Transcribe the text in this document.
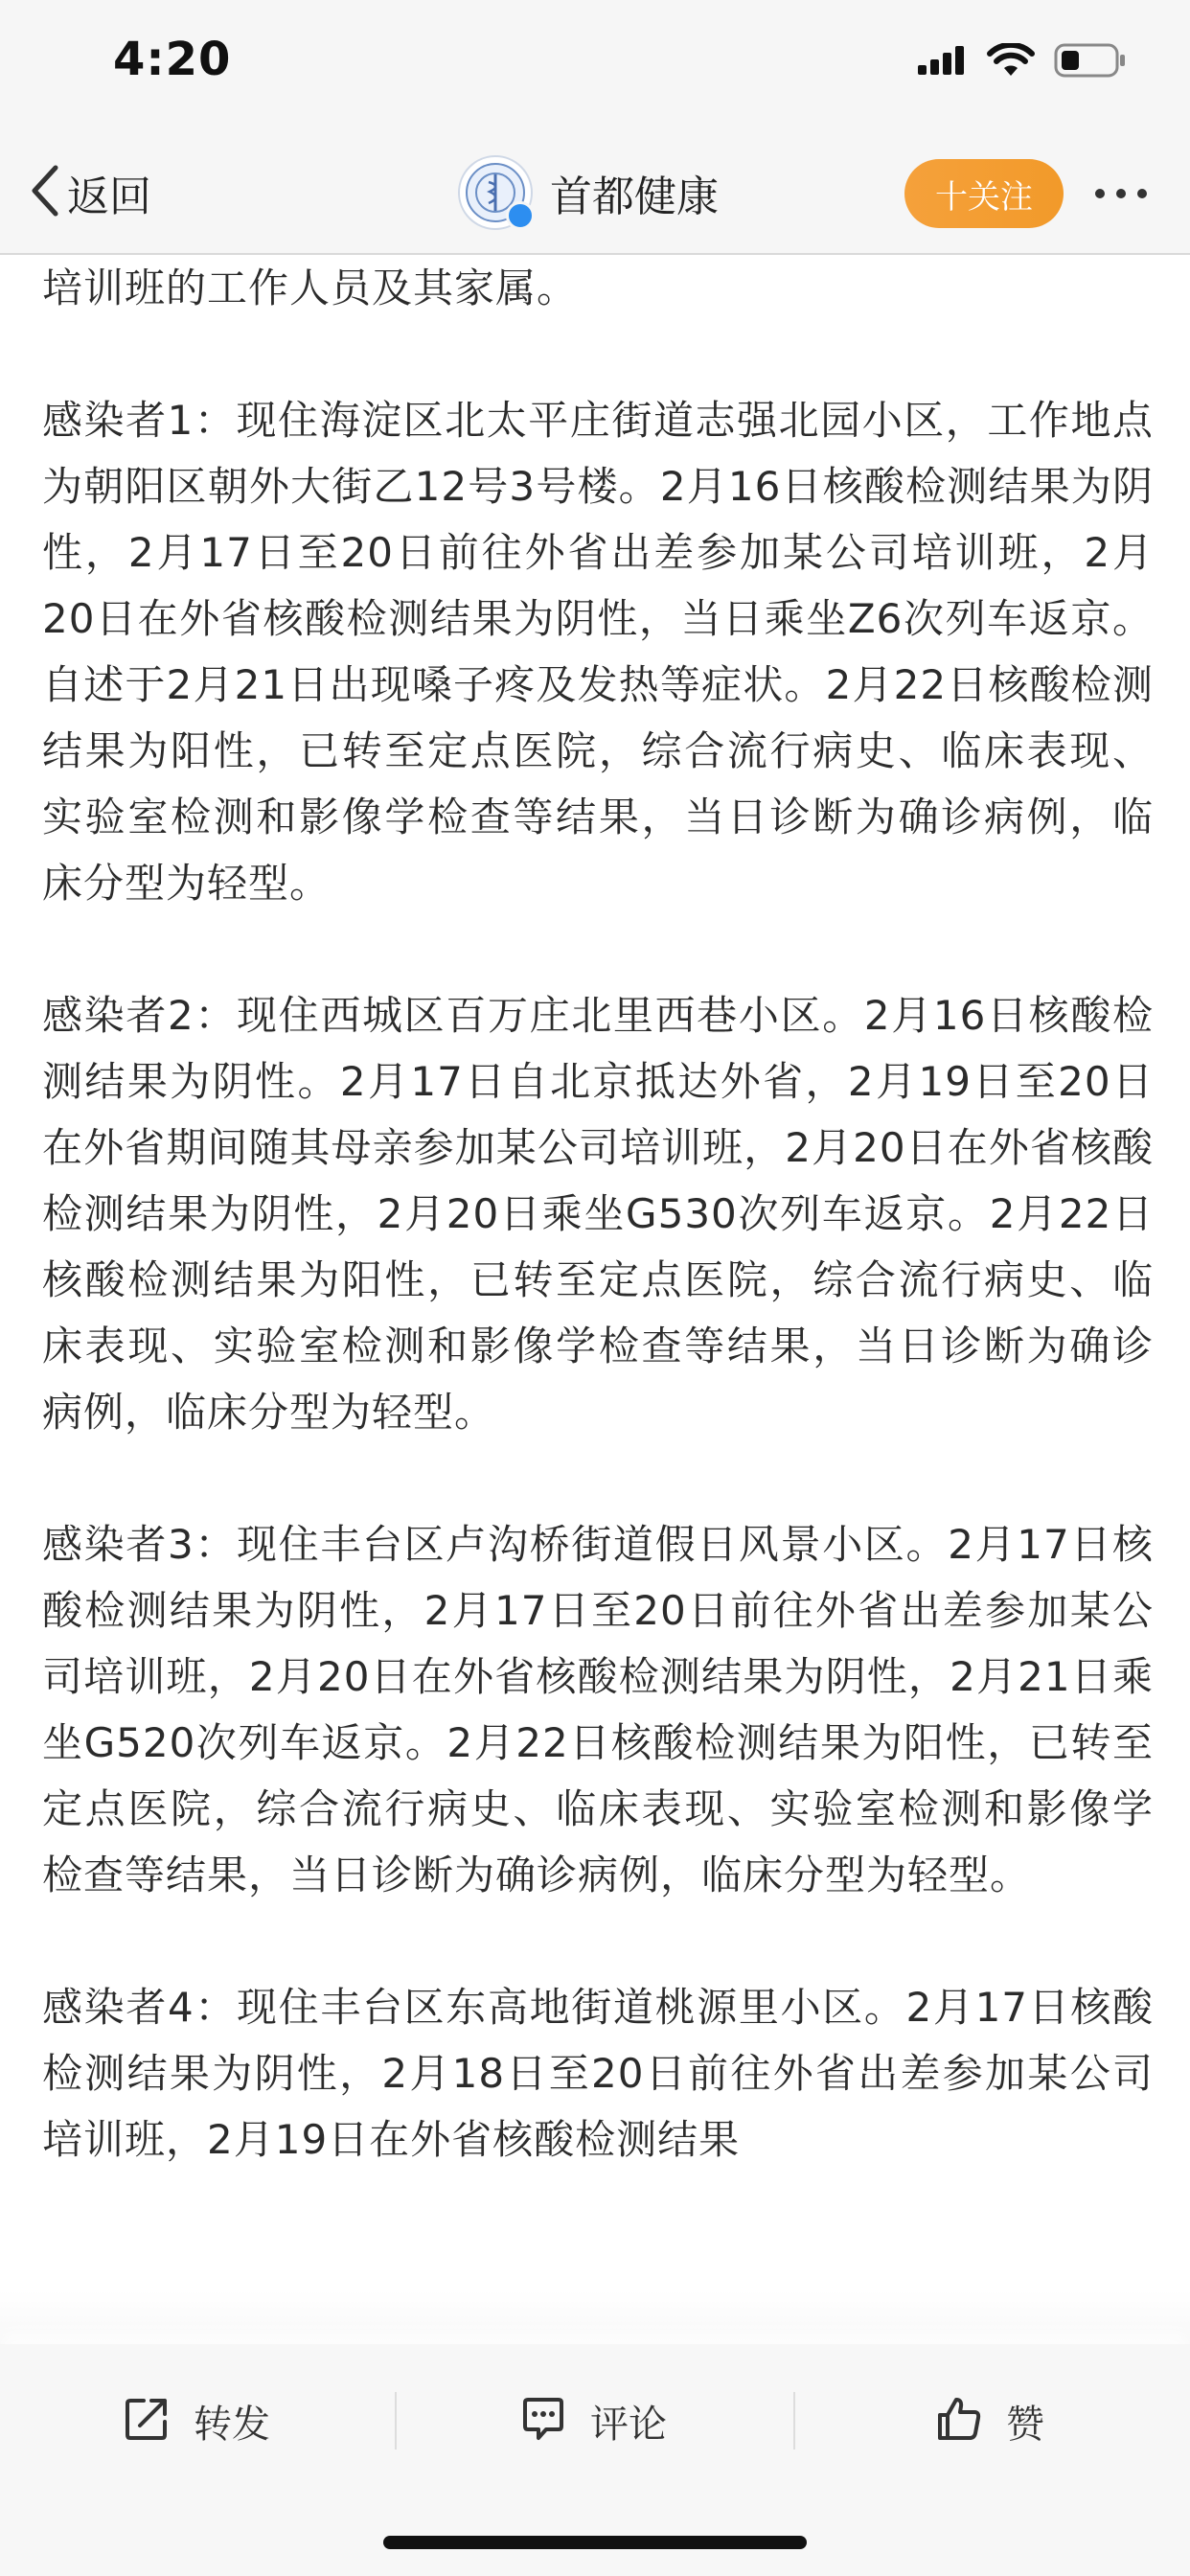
4:20
返回	首都健康	十关注

培训班的工作人员及其家属。

感染者1：现住海淀区北太平庄街道志强北园小区，工作地点为朝阳区朝外大街乙12号3号楼。2月16日核酸检测结果为阴性，2月17日至20日前往外省出差参加某公司培训班，2月20日在外省核酸检测结果为阴性，当日乘坐Z6次列车返京。自述于2月21日出现嗓子疼及发热等症状。2月22日核酸检测结果为阳性，已转至定点医院，综合流行病史、临床表现、实验室检测和影像学检查等结果，当日诊断为确诊病例，临床分型为轻型。

感染者2：现住西城区百万庄北里西巷小区。2月16日核酸检测结果为阴性。2月17日自北京抵达外省，2月19日至20日在外省期间随其母亲参加某公司培训班，2月20日在外省核酸检测结果为阴性，2月20日乘坐G530次列车返京。2月22日核酸检测结果为阳性，已转至定点医院，综合流行病史、临床表现、实验室检测和影像学检查等结果，当日诊断为确诊病例，临床分型为轻型。

感染者3：现住丰台区卢沟桥街道假日风景小区。2月17日核酸检测结果为阴性，2月17日至20日前往外省出差参加某公司培训班，2月20日在外省核酸检测结果为阴性，2月21日乘坐G520次列车返京。2月22日核酸检测结果为阳性，已转至定点医院，综合流行病史、临床表现、实验室检测和影像学检查等结果，当日诊断为确诊病例，临床分型为轻型。

感染者4：现住丰台区东高地街道桃源里小区。2月17日核酸检测结果为阴性，2月18日至20日前往外省出差参加某公司培训班，2月19日在外省核酸检测结果

转发	评论	赞
